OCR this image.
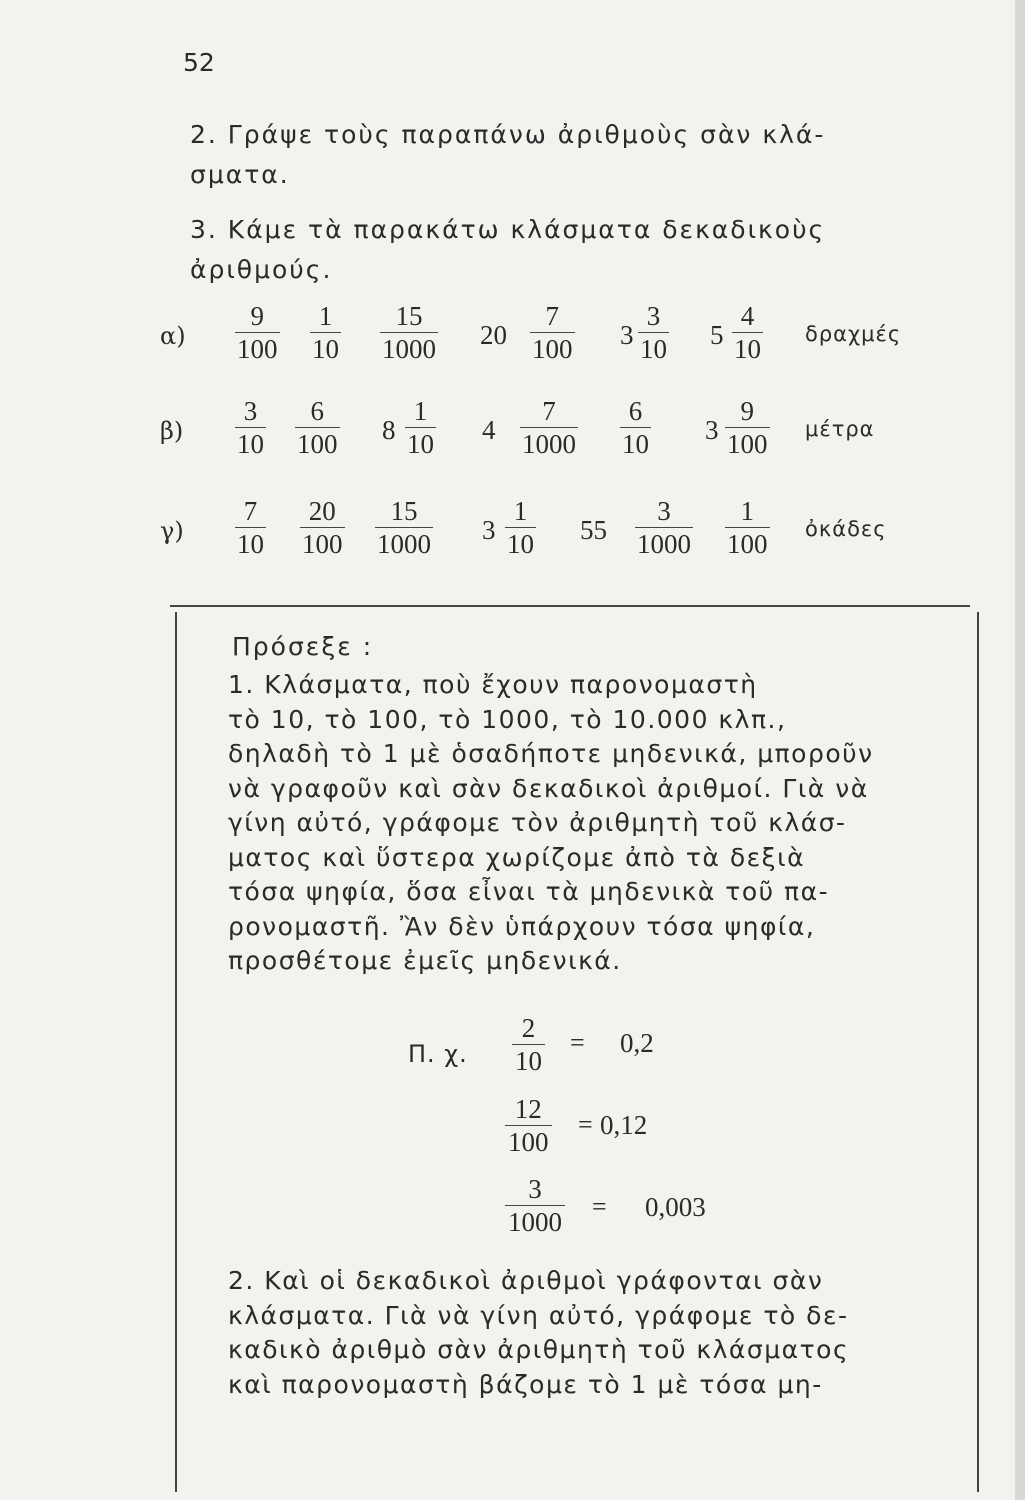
52
2. Γράψε τοὺς παραπάνω ἀριθμοὺς σὰν κλά-
σματα.
3. Κάμε τὰ παρακάτω κλάσματα δεκαδικοὺς
ἀριθμούς.
$\alpha) \frac{9}{100} \frac{1}{10} \frac{15}{1000} 20 \frac{7}{100} 3 \frac{3}{10} 5 \frac{4}{10}$ δραχμές
$\beta) \frac{3}{10} \frac{6}{100} 8 \frac{1}{10} 4 \frac{7}{1000} \frac{6}{10} 3 \frac{9}{100}$ μέτρα
$\gamma) \frac{7}{10} \frac{20}{100} \frac{15}{1000} 3 \frac{1}{10} 55 \frac{3}{1000} \frac{1}{100}$ ὀκάδες
Πρόσεξε :
1. Κλάσματα, ποὺ ἔχουν παρονομαστὴ
τὸ 10, τὸ 100, τὸ 1000, τὸ 10.000 κλπ.,
δηλαδὴ τὸ 1 μὲ ὁσαδήποτε μηδενικά, μποροῦν
νὰ γραφοῦν καὶ σὰν δεκαδικοὶ ἀριθμοί. Γιὰ νὰ
γίνη αὐτό, γράφομε τὸν ἀριθμητὴ τοῦ κλάσ-
ματος καὶ ὕστερα χωρίζομε ἀπὸ τὰ δεξιὰ
τόσα ψηφία, ὅσα εἶναι τὰ μηδενικὰ τοῦ πα-
ρονομαστῆ. Ἂν δὲν ὑπάρχουν τόσα ψηφία,
προσθέτομε ἐμεῖς μηδενικά.
Π. χ. $\frac{2}{10} = 0,2$
$\frac{12}{100} = 0,12$
$\frac{3}{1000} = 0,003$
2. Καὶ οἱ δεκαδικοὶ ἀριθμοὶ γράφονται σὰν
κλάσματα. Γιὰ νὰ γίνη αὐτό, γράφομε τὸ δε-
καδικὸ ἀριθμὸ σὰν ἀριθμητὴ τοῦ κλάσματος
καὶ παρονομαστὴ βάζομε τὸ 1 μὲ τόσα μη-
